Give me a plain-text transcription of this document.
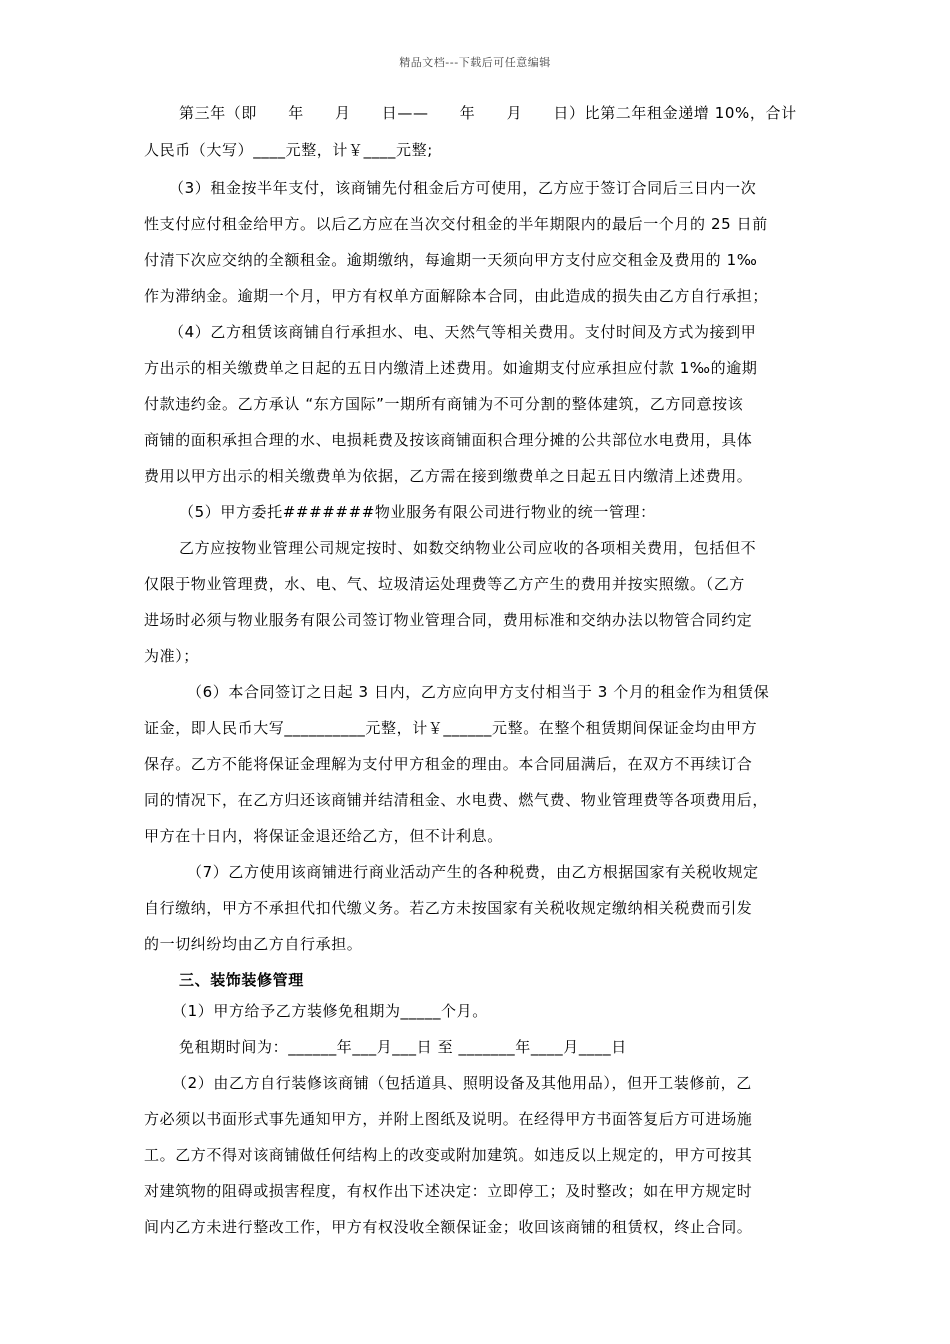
精品文档---下载后可任意编辑
第三年（即　　年　　月　　日——　　年　　月　　日）比第二年租金递增 10%，合计
人民币（大写）____元整，计￥____元整;
（3）租金按半年支付，该商铺先付租金后方可使用，乙方应于签订合同后三日内一次
性支付应付租金给甲方。以后乙方应在当次交付租金的半年期限内的最后一个月的 25 日前
付清下次应交纳的全额租金。逾期缴纳，每逾期一天须向甲方支付应交租金及费用的 1‰
作为滞纳金。逾期一个月，甲方有权单方面解除本合同，由此造成的损失由乙方自行承担；
（4）乙方租赁该商铺自行承担水、电、天然气等相关费用。支付时间及方式为接到甲
方出示的相关缴费单之日起的五日内缴清上述费用。如逾期支付应承担应付款 1‰的逾期
付款违约金。乙方承认 “东方国际”一期所有商铺为不可分割的整体建筑，乙方同意按该
商铺的面积承担合理的水、电损耗费及按该商铺面积合理分摊的公共部位水电费用，具体
费用以甲方出示的相关缴费单为依据，乙方需在接到缴费单之日起五日内缴清上述费用。
（5）甲方委托#######物业服务有限公司进行物业的统一管理：
乙方应按物业管理公司规定按时、如数交纳物业公司应收的各项相关费用，包括但不
仅限于物业管理费，水、电、气、垃圾清运处理费等乙方产生的费用并按实照缴。（乙方
进场时必须与物业服务有限公司签订物业管理合同，费用标准和交纳办法以物管合同约定
为准）；
（6）本合同签订之日起 3 日内，乙方应向甲方支付相当于 3 个月的租金作为租赁保
证金，即人民币大写__________元整，计￥______元整。在整个租赁期间保证金均由甲方
保存。乙方不能将保证金理解为支付甲方租金的理由。本合同届满后，在双方不再续订合
同的情况下，在乙方归还该商铺并结清租金、水电费、燃气费、物业管理费等各项费用后，
甲方在十日内，将保证金退还给乙方，但不计利息。
（7）乙方使用该商铺进行商业活动产生的各种税费，由乙方根据国家有关税收规定
自行缴纳，甲方不承担代扣代缴义务。若乙方未按国家有关税收规定缴纳相关税费而引发
的一切纠纷均由乙方自行承担。
三、装饰装修管理
（1）甲方给予乙方装修免租期为_____个月。
免租期时间为：______年___月___日 至 _______年____月____日
（2）由乙方自行装修该商铺（包括道具、照明设备及其他用品），但开工装修前，乙
方必须以书面形式事先通知甲方，并附上图纸及说明。在经得甲方书面答复后方可进场施
工。乙方不得对该商铺做任何结构上的改变或附加建筑。如违反以上规定的，甲方可按其
对建筑物的阻碍或损害程度，有权作出下述决定：立即停工；及时整改；如在甲方规定时
间内乙方未进行整改工作，甲方有权没收全额保证金；收回该商铺的租赁权，终止合同。
